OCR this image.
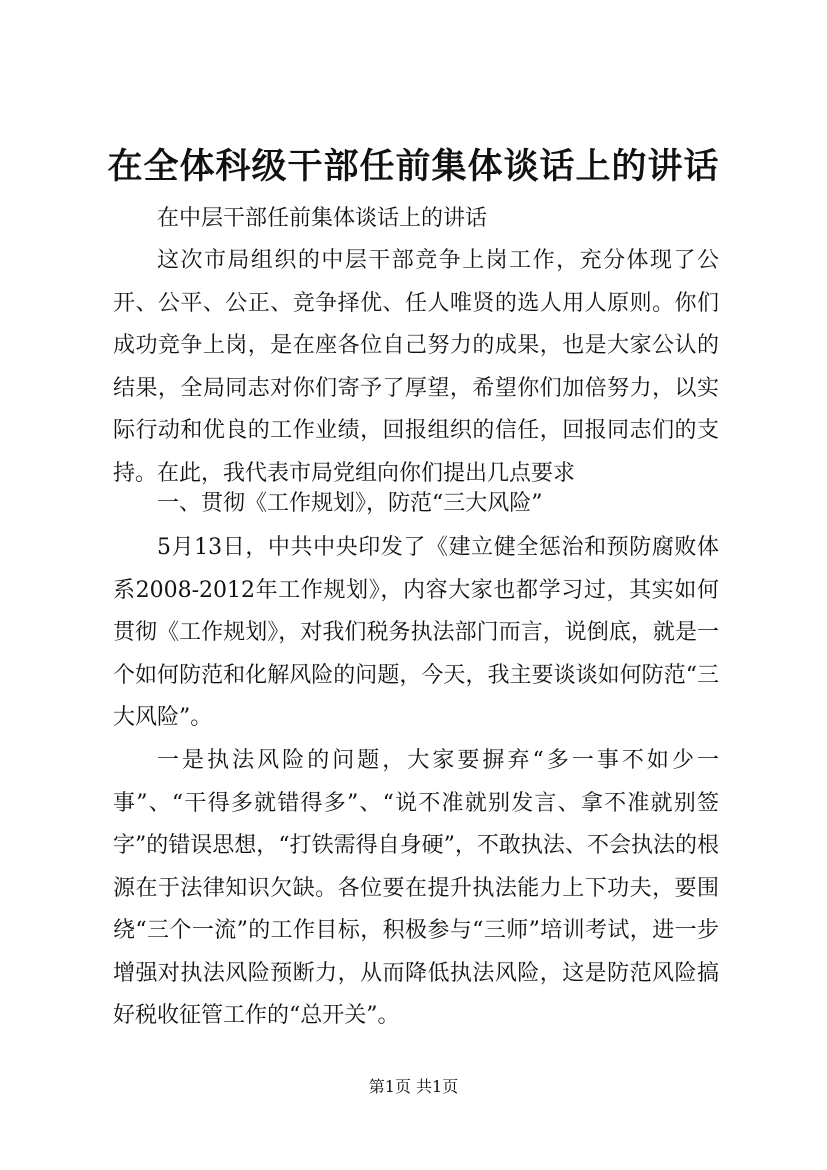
在全体科级干部任前集体谈话上的讲话

在中层干部任前集体谈话上的讲话

这次市局组织的中层干部竞争上岗工作，充分体现了公开、公平、公正、竞争择优、任人唯贤的选人用人原则。你们成功竞争上岗，是在座各位自己努力的成果，也是大家公认的结果，全局同志对你们寄予了厚望，希望你们加倍努力，以实际行动和优良的工作业绩，回报组织的信任，回报同志们的支持。在此，我代表市局党组向你们提出几点要求

一、贯彻《工作规划》，防范“三大风险”

5月13日，中共中央印发了《建立健全惩治和预防腐败体系2008-2012年工作规划》，内容大家也都学习过，其实如何贯彻《工作规划》，对我们税务执法部门而言，说倒底，就是一个如何防范和化解风险的问题，今天，我主要谈谈如何防范“三大风险”。

一是执法风险的问题，大家要摒弃“多一事不如少一事”、“干得多就错得多”、“说不准就别发言、拿不准就别签字”的错误思想，“打铁需得自身硬”，不敢执法、不会执法的根源在于法律知识欠缺。各位要在提升执法能力上下功夫，要围绕“三个一流”的工作目标，积极参与“三师”培训考试，进一步增强对执法风险预断力，从而降低执法风险，这是防范风险搞好税收征管工作的“总开关”。

第1页 共1页
